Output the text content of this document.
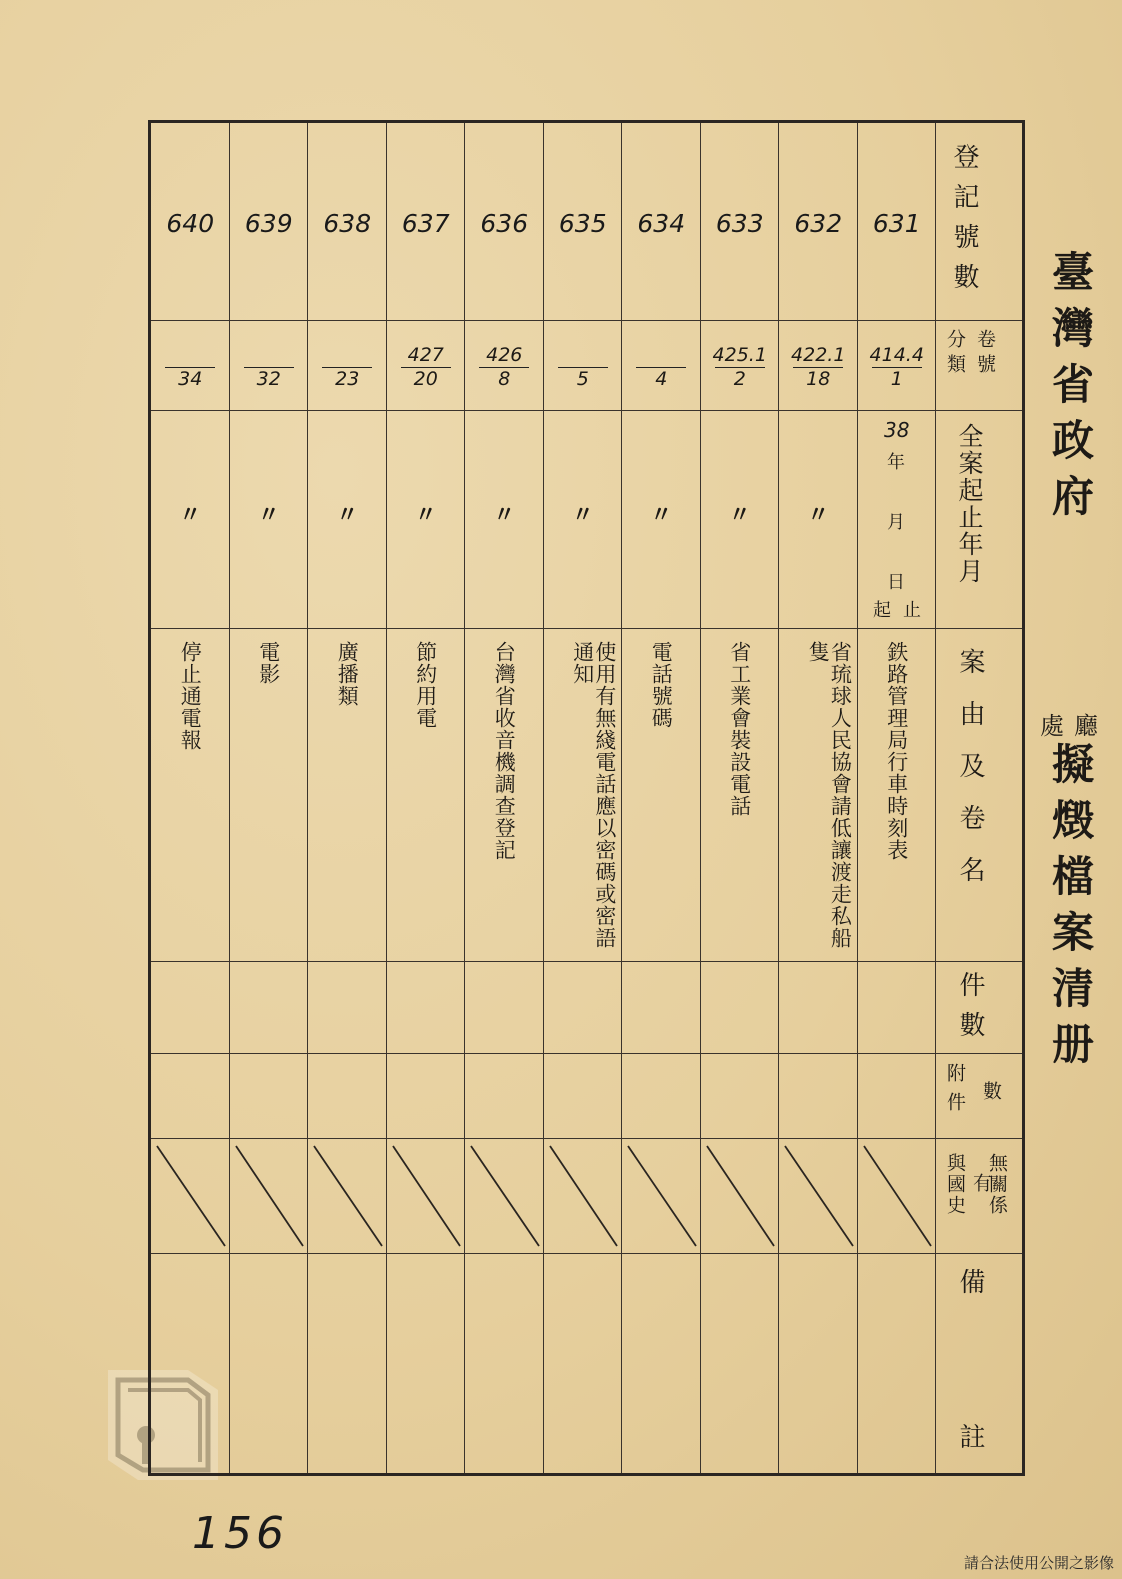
登記號數
卷號
分類
全案起止年月
案由及卷名
件數
數
附件
無關係
有
與國史
備
註
年
月
日
起 止
631
$\frac{414.4}{1}$
38
鉄路管理局行車時刻表
632
$\frac{422.1}{18}$
〃
省琉球人民協會請低讓渡走私船隻
633
$\frac{425.1}{2}$
〃
省工業會裝設電話
634
4
〃
電話號碼
635
5
〃
使用有無綫電話應以密碼或密語通知
636
$\frac{426}{8}$
〃
台灣省收音機調查登記
637
$\frac{427}{20}$
〃
節約用電
638
23
〃
廣播類
639
32
〃
電影
640
34
〃
停止通電報
臺灣省政府
廳
處
擬燬檔案清册
156
請合法使用公開之影像
